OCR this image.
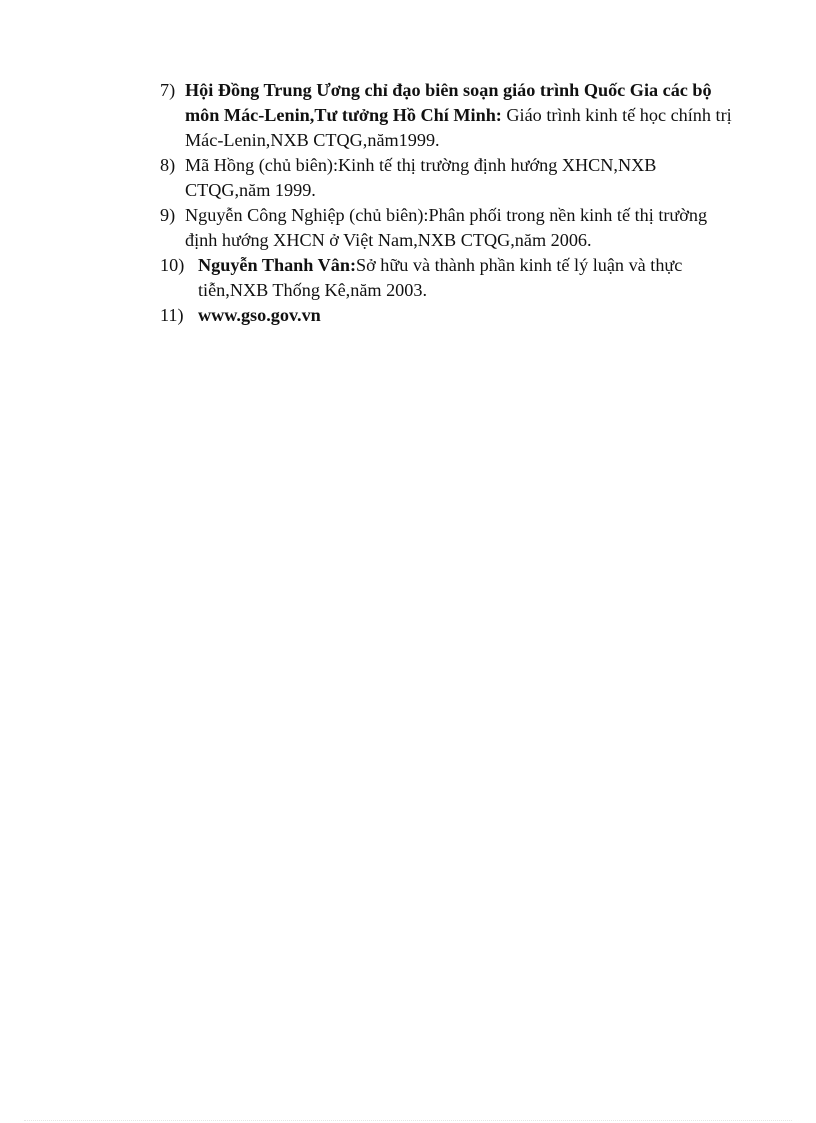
7) Hội Đồng Trung Ương chỉ đạo biên soạn giáo trình Quốc Gia các bộ môn Mác-Lenin,Tư tưởng Hồ Chí Minh: Giáo trình kinh tế học chính trị Mác-Lenin,NXB CTQG,năm1999.
8) Mã Hồng (chủ biên):Kinh tế thị trường định hướng XHCN,NXB CTQG,năm 1999.
9) Nguyễn Công Nghiệp (chủ biên):Phân phối trong nền kinh tế thị trường định hướng XHCN ở Việt Nam,NXB CTQG,năm 2006.
10) Nguyễn Thanh Vân:Sở hữu và thành phần kinh tế lý luận và thực tiễn,NXB Thống Kê,năm 2003.
11) www.gso.gov.vn
